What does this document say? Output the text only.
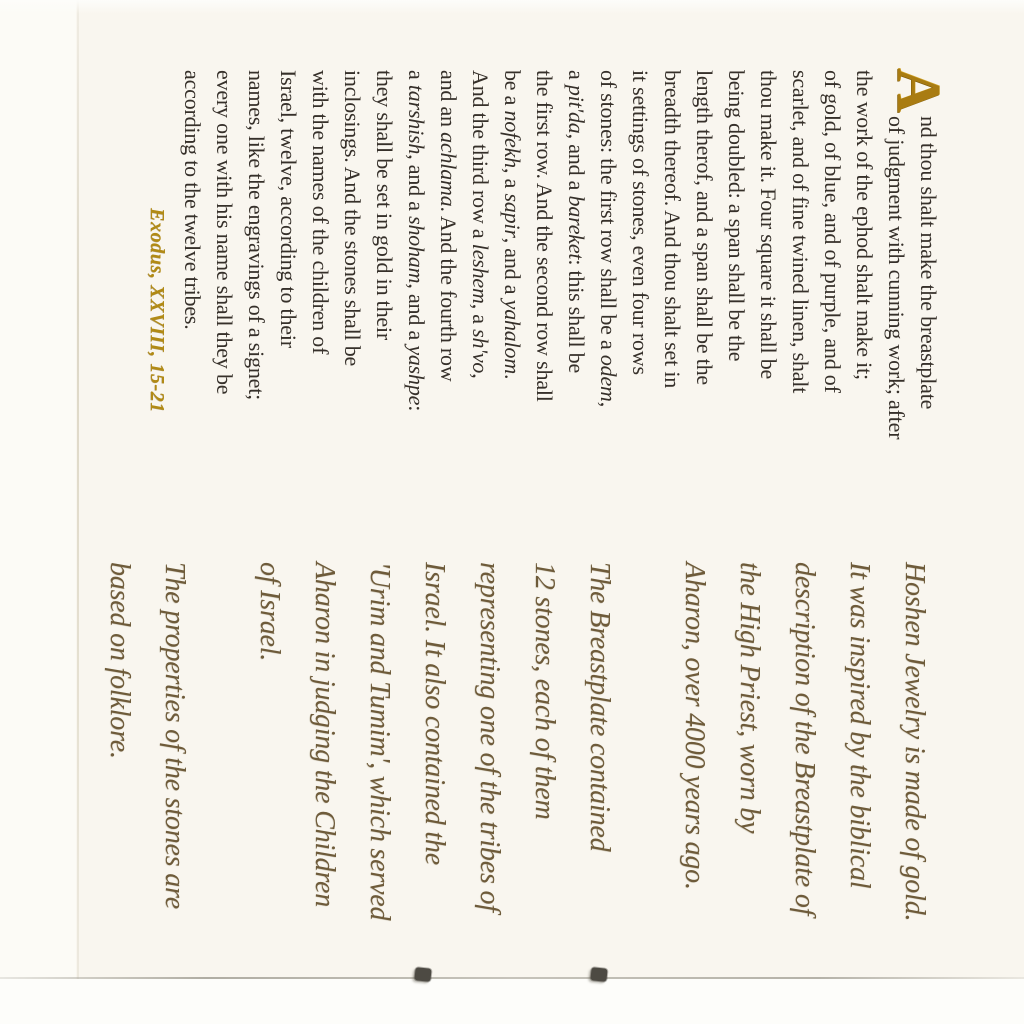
A
nd thou shalt make the breastplate
of judgment with cunning work; after
the work of the ephod shalt make it;
of gold, of blue, and of purple, and of
scarlet, and of fine twined linen, shalt
thou make it. Four square it shall be
being doubled: a span shall be the
length therof, and a span shall be the
breadth thereof. And thou shalt set in
it settings of stones, even four rows
of stones: the first row shall be a odem,
a pit'da, and a bareket: this shall be
the first row. And the second row shall
be a nofekh, a sapir, and a yahalom.
And the third row a leshem, a sh'vo,
and an achlama. And the fourth row
a tarshish, and a shoham, and a yashpe:
they shall be set in gold in their
inclosings. And the stones shall be
with the names of the children of
Israel, twelve, according to their
names, like the engravings of a signet;
every one with his name shall they be
according to the twelve tribes.
Exodus, XXVIII, 15-21
Hoshen Jewelry is made of gold.
It was inspired by the biblical
description of the Breastplate of
the High Priest, worn by
Aharon, over 4000 years ago.
The Breastplate contained
12 stones, each of them
representing one of the tribes of
Israel. It also contained the
'Urim and Tumim', which served
Aharon in judging the Children
of Israel.
The properties of the stones are
based on folklore.
